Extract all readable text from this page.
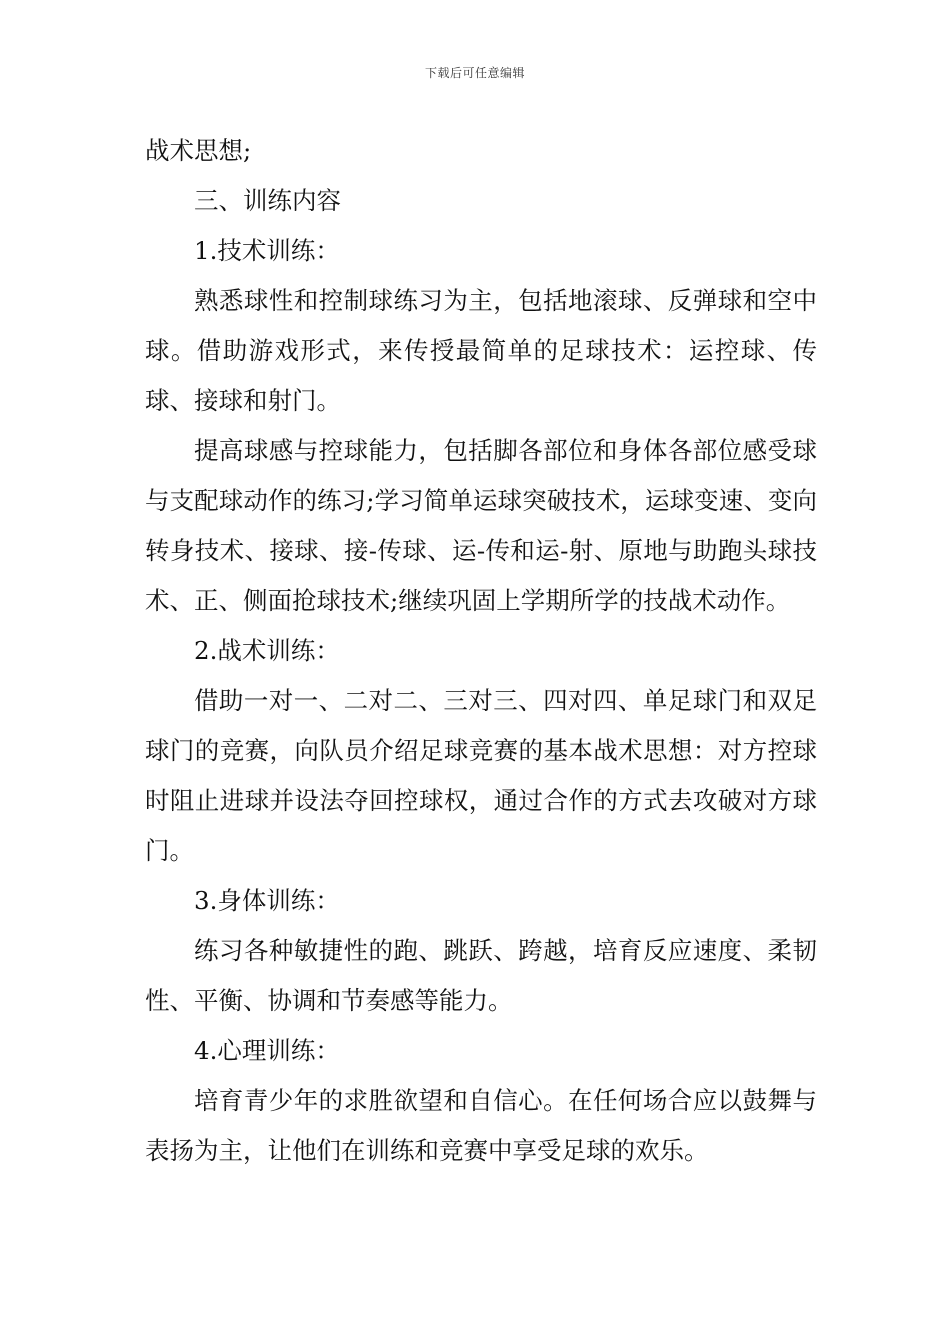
下载后可任意编辑

战术思想;

三、训练内容

1.技术训练：

熟悉球性和控制球练习为主，包括地滚球、反弹球和空中球。借助游戏形式，来传授最简单的足球技术：运控球、传球、接球和射门。

提高球感与控球能力，包括脚各部位和身体各部位感受球与支配球动作的练习;学习简单运球突破技术，运球变速、变向转身技术、接球、接-传球、运-传和运-射、原地与助跑头球技术、正、侧面抢球技术;继续巩固上学期所学的技战术动作。

2.战术训练：

借助一对一、二对二、三对三、四对四、单足球门和双足球门的竞赛，向队员介绍足球竞赛的基本战术思想：对方控球时阻止进球并设法夺回控球权，通过合作的方式去攻破对方球门。

3.身体训练：

练习各种敏捷性的跑、跳跃、跨越，培育反应速度、柔韧性、平衡、协调和节奏感等能力。

4.心理训练：

培育青少年的求胜欲望和自信心。在任何场合应以鼓舞与表扬为主，让他们在训练和竞赛中享受足球的欢乐。
